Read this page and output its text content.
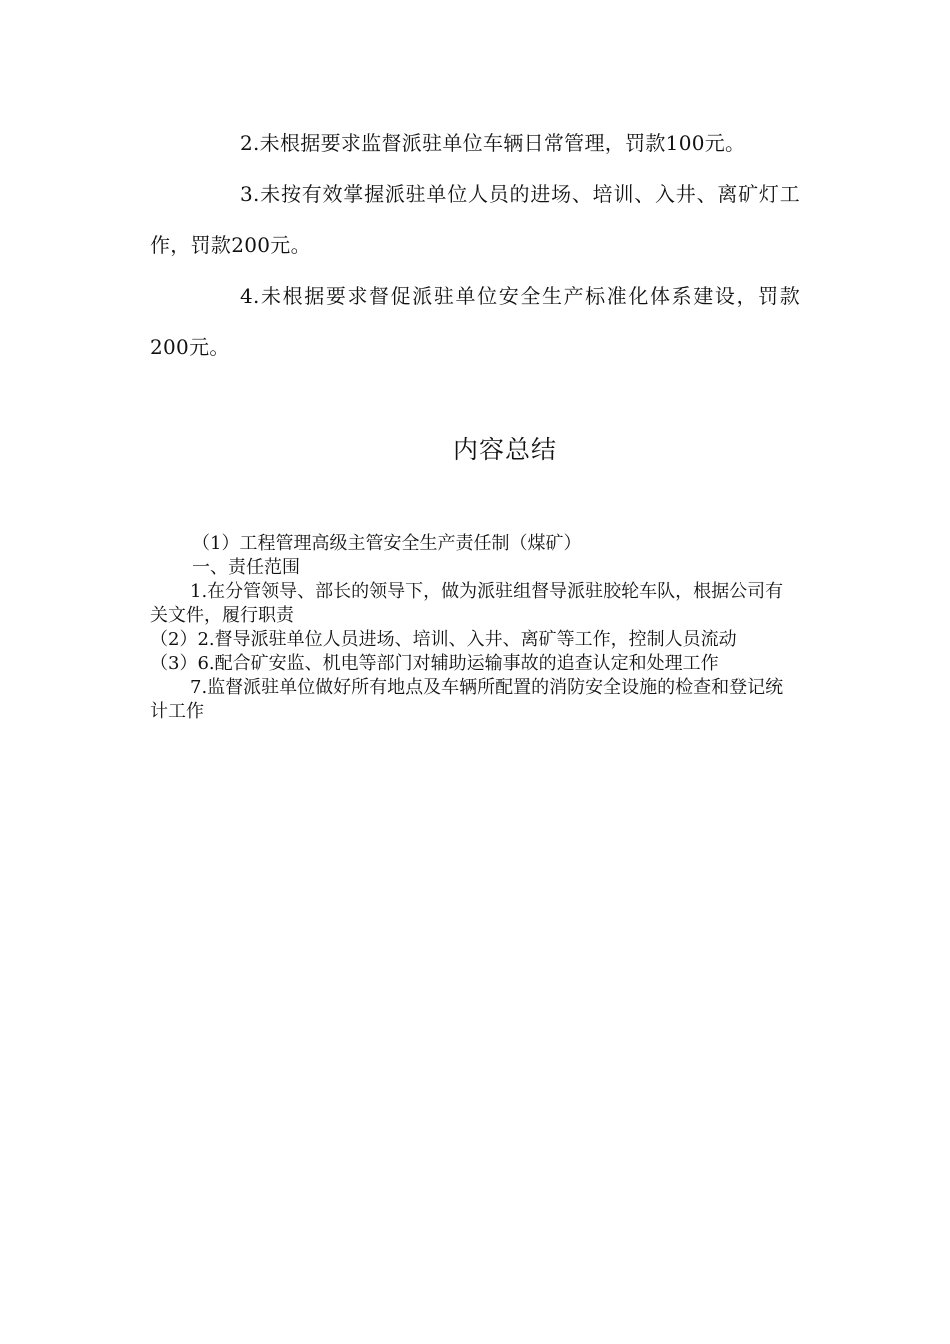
2.未根据要求监督派驻单位车辆日常管理，罚款100元。

3.未按有效掌握派驻单位人员的进场、培训、入井、离矿灯工作，罚款200元。

4.未根据要求督促派驻单位安全生产标准化体系建设，罚款200元。

内容总结

（1）工程管理高级主管安全生产责任制（煤矿）

一、责任范围

1.在分管领导、部长的领导下，做为派驻组督导派驻胶轮车队，根据公司有关文件，履行职责

（2）2.督导派驻单位人员进场、培训、入井、离矿等工作，控制人员流动

（3）6.配合矿安监、机电等部门对辅助运输事故的追查认定和处理工作

7.监督派驻单位做好所有地点及车辆所配置的消防安全设施的检查和登记统计工作
